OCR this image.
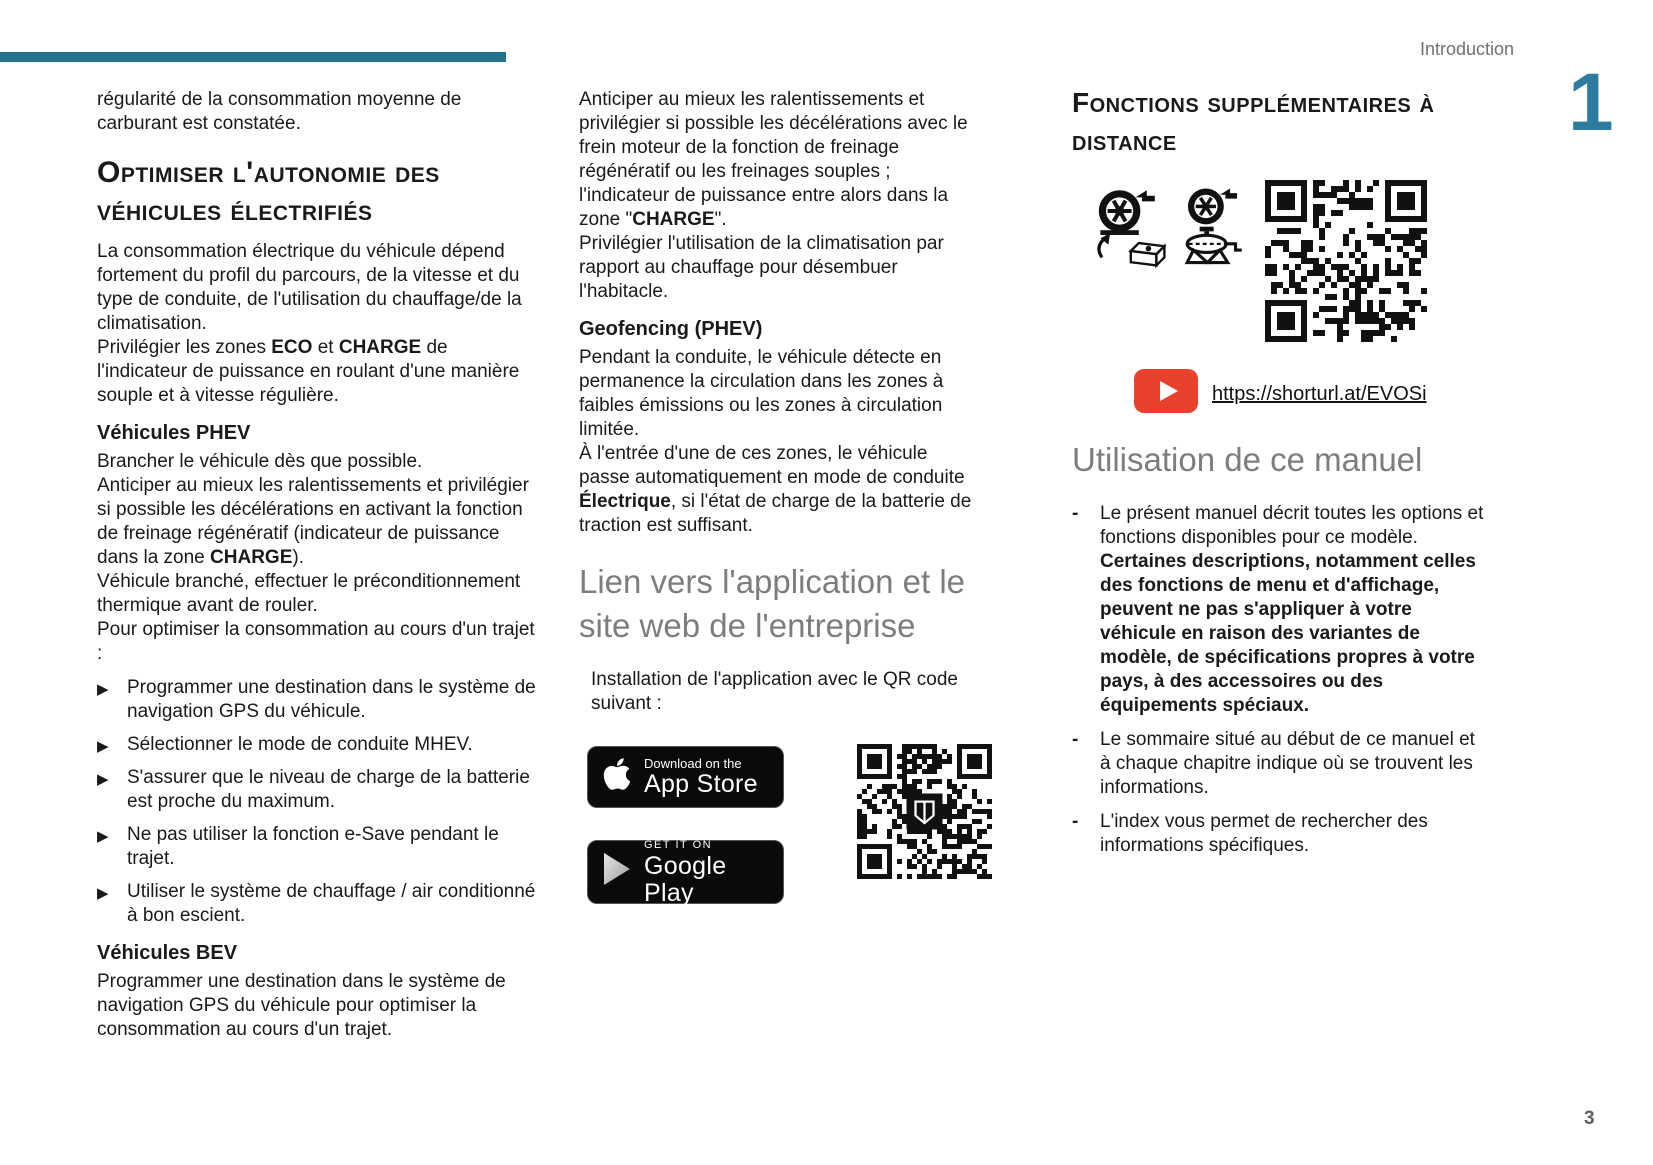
Introduction
1
3
régularité de la consommation moyenne de carburant est constatée.
Optimiser l'autonomie des véhicules électrifiés
La consommation électrique du véhicule dépend fortement du profil du parcours, de la vitesse et du type de conduite, de l'utilisation du chauffage/de la climatisation.
Privilégier les zones ECO et CHARGE de l'indicateur de puissance en roulant d'une manière souple et à vitesse régulière.
Véhicules PHEV
Brancher le véhicule dès que possible.
Anticiper au mieux les ralentissements et privilégier si possible les décélérations en activant la fonction de freinage régénératif (indicateur de puissance dans la zone CHARGE).
Véhicule branché, effectuer le préconditionnement thermique avant de rouler.
Pour optimiser la consommation au cours d'un trajet :
▶ Programmer une destination dans le système de navigation GPS du véhicule.
▶ Sélectionner le mode de conduite MHEV.
▶ S'assurer que le niveau de charge de la batterie est proche du maximum.
▶ Ne pas utiliser la fonction e-Save pendant le trajet.
▶ Utiliser le système de chauffage / air conditionné à bon escient.
Véhicules BEV
Programmer une destination dans le système de navigation GPS du véhicule pour optimiser la consommation au cours d'un trajet.
Anticiper au mieux les ralentissements et privilégier si possible les décélérations avec le frein moteur de la fonction de freinage régénératif ou les freinages souples ; l'indicateur de puissance entre alors dans la zone "CHARGE".
Privilégier l'utilisation de la climatisation par rapport au chauffage pour désembuer l'habitacle.
Geofencing (PHEV)
Pendant la conduite, le véhicule détecte en permanence la circulation dans les zones à faibles émissions ou les zones à circulation limitée.
À l'entrée d'une de ces zones, le véhicule passe automatiquement en mode de conduite Électrique, si l'état de charge de la batterie de traction est suffisant.
Lien vers l'application et le site web de l'entreprise
Installation de l'application avec le QR code suivant :
Download on the
App Store
GET IT ON
Google Play
Fonctions supplémentaires à distance
https://shorturl.at/EVOSi
Utilisation de ce manuel
- Le présent manuel décrit toutes les options et fonctions disponibles pour ce modèle. Certaines descriptions, notamment celles des fonctions de menu et d'affichage, peuvent ne pas s'appliquer à votre véhicule en raison des variantes de modèle, de spécifications propres à votre pays, à des accessoires ou des équipements spéciaux.
- Le sommaire situé au début de ce manuel et à chaque chapitre indique où se trouvent les informations.
- L'index vous permet de rechercher des informations spécifiques.
